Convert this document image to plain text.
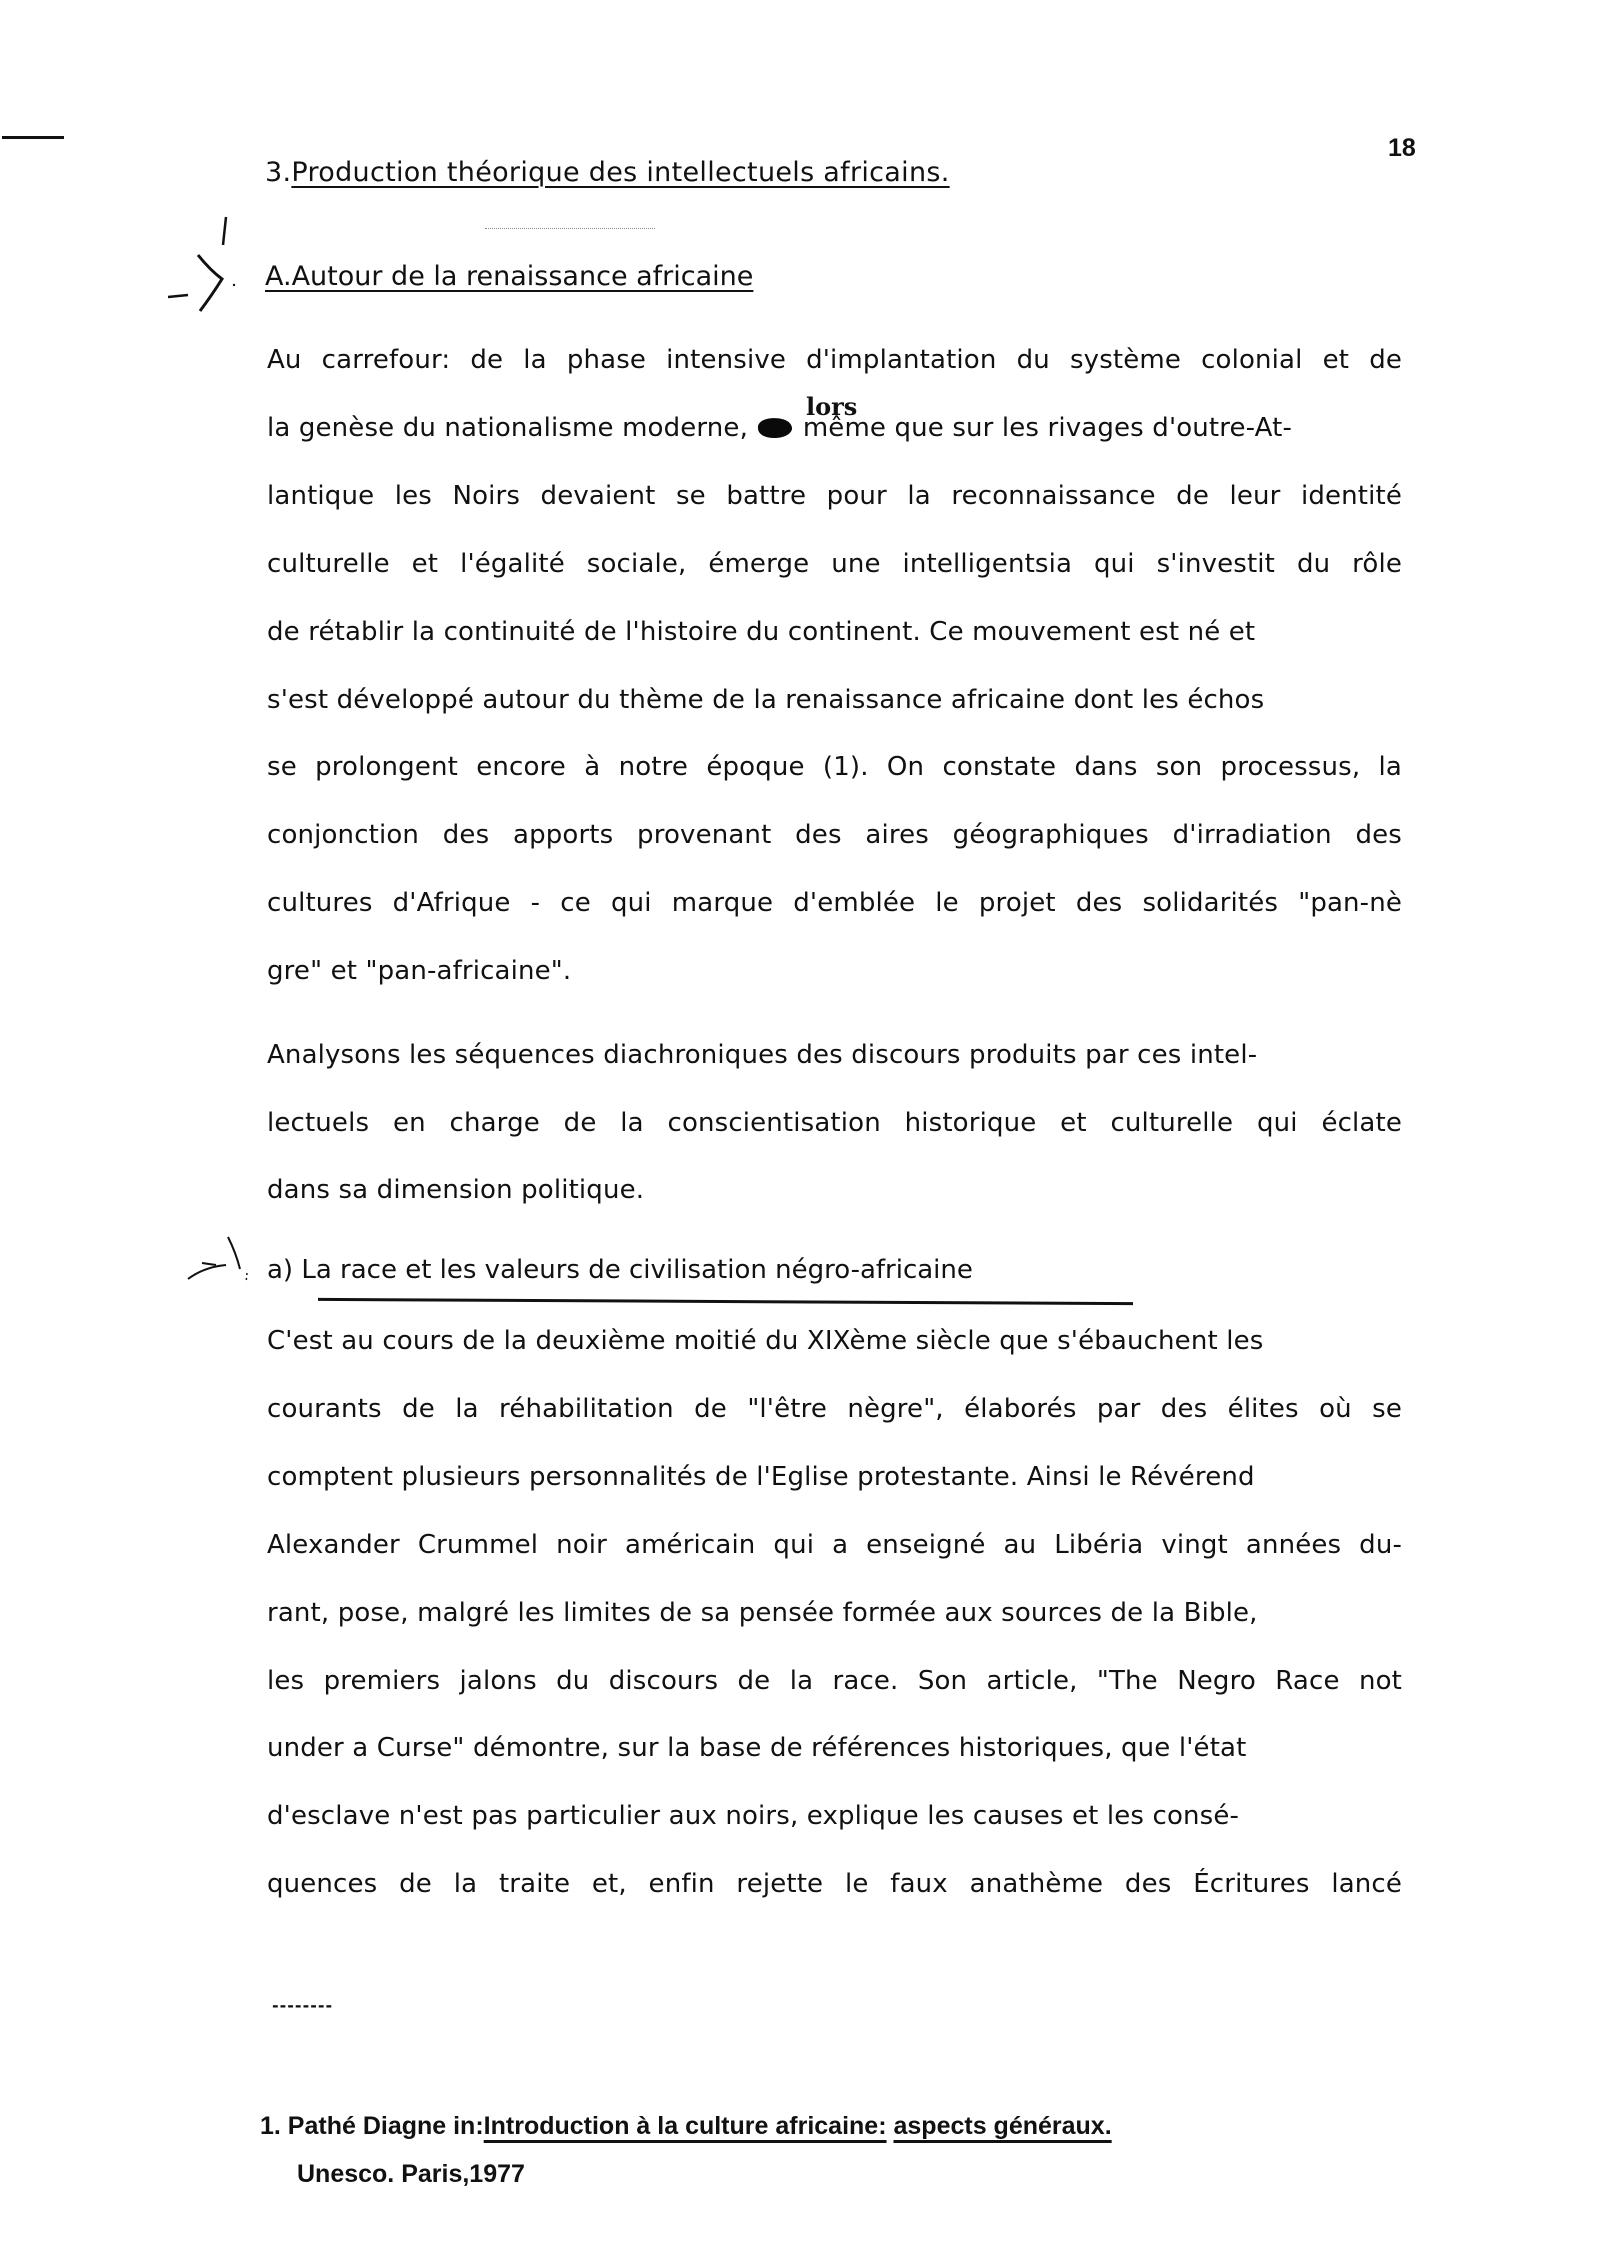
18
3.Production théorique des intellectuels africains.
A.Autour de la renaissance africaine
Au carrefour: de la phase intensive d'implantation du système colonial et de
lors
la genèse du nationalisme moderne, même que sur les rivages d'outre-At-
lantique les Noirs devaient se battre pour la reconnaissance de leur identité
culturelle et l'égalité sociale, émerge une intelligentsia qui s'investit du rôle
de rétablir la continuité de l'histoire du continent. Ce mouvement est né et
s'est développé autour du thème de la renaissance africaine dont les échos
se prolongent encore à notre époque (1). On constate dans son processus, la
conjonction des apports provenant des aires géographiques d'irradiation des
cultures d'Afrique - ce qui marque d'emblée le projet des solidarités "pan-nè
gre" et "pan-africaine".
Analysons les séquences diachroniques des discours produits par ces intel-
lectuels en charge de la conscientisation historique et culturelle qui éclate
dans sa dimension politique.
a) La race et les valeurs de civilisation négro-africaine
C'est au cours de la deuxième moitié du XIXème siècle que s'ébauchent les
courants de la réhabilitation de "l'être nègre", élaborés par des élites où se
comptent plusieurs personnalités de l'Eglise protestante. Ainsi le Révérend
Alexander Crummel noir américain qui a enseigné au Libéria vingt années du-
rant, pose, malgré les limites de sa pensée formée aux sources de la Bible,
les premiers jalons du discours de la race. Son article, "The Negro Race not
under a Curse" démontre, sur la base de références historiques, que l'état
d'esclave n'est pas particulier aux noirs, explique les causes et les consé-
quences de la traite et, enfin rejette le faux anathème des Écritures lancé
--------
1. Pathé Diagne in:Introduction à la culture africaine: aspects généraux.
Unesco. Paris,1977
